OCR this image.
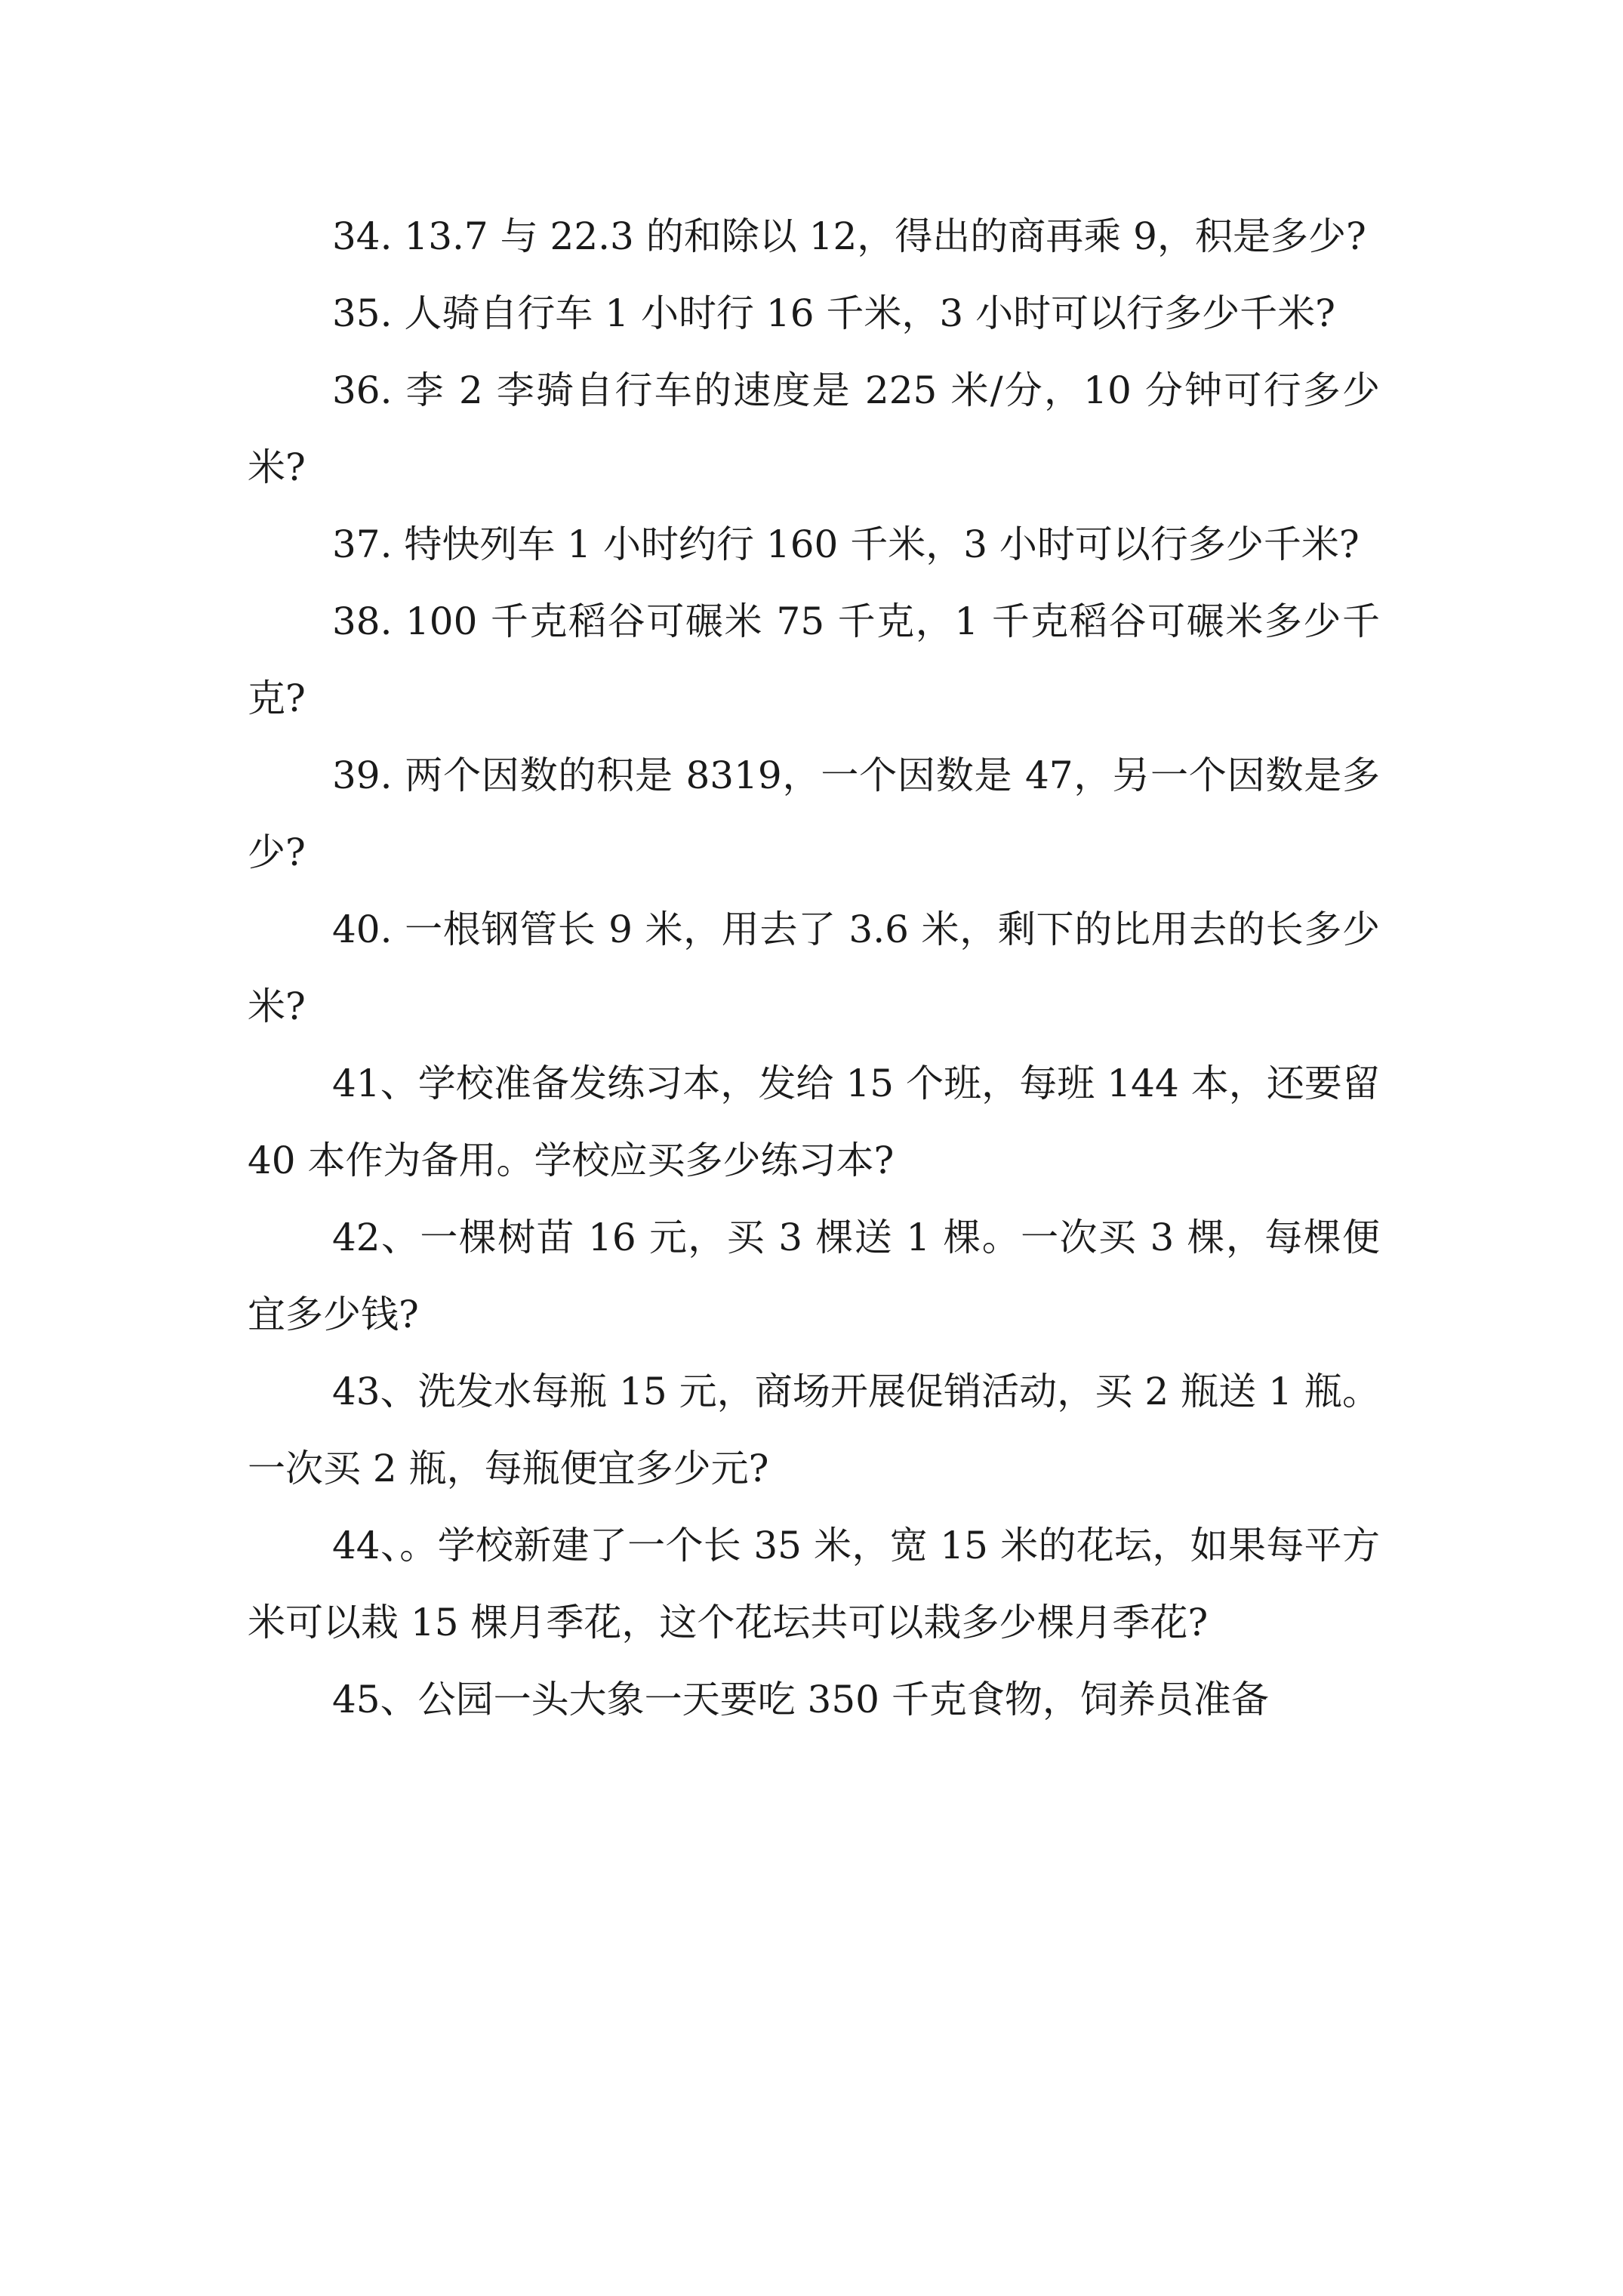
34. 13.7 与 22.3 的和除以 12，得出的商再乘 9，积是多少?

35. 人骑自行车 1 小时行 16 千米，3 小时可以行多少千米?

36. 李 2 李骑自行车的速度是 225 米/分，10 分钟可行多少米?

37. 特快列车 1 小时约行 160 千米，3 小时可以行多少千米?

38. 100 千克稻谷可碾米 75 千克，1 千克稻谷可碾米多少千克?

39. 两个因数的积是 8319，一个因数是 47，另一个因数是多少?

40. 一根钢管长 9 米，用去了 3.6 米，剩下的比用去的长多少米?

41、学校准备发练习本，发给 15 个班，每班 144 本，还要留 40 本作为备用。学校应买多少练习本?

42、一棵树苗 16 元，买 3 棵送 1 棵。一次买 3 棵，每棵便宜多少钱?

43、洗发水每瓶 15 元，商场开展促销活动，买 2 瓶送 1 瓶。一次买 2 瓶，每瓶便宜多少元?

44、。学校新建了一个长 35 米，宽 15 米的花坛，如果每平方米可以栽 15 棵月季花，这个花坛共可以栽多少棵月季花?

45、公园一头大象一天要吃 350 千克食物，饲养员准备
